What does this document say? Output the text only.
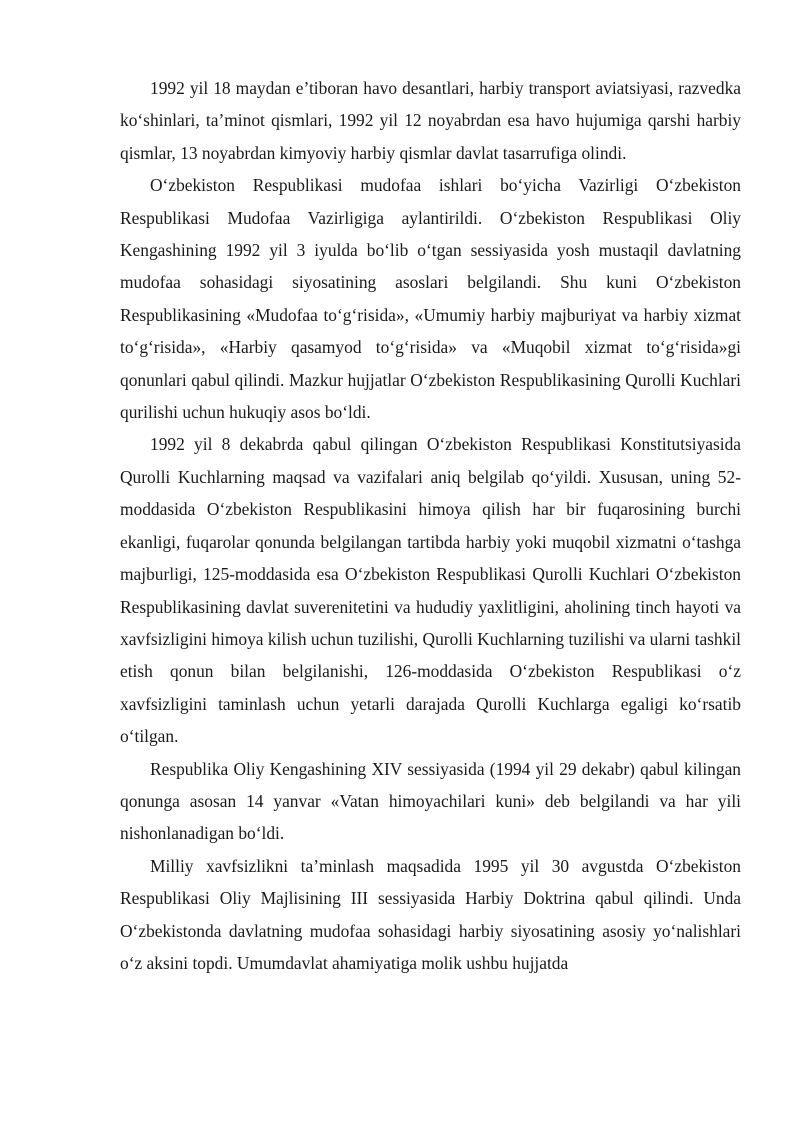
1992 yil 18 maydan e’tiboran havo desantlari, harbiy transport aviatsiyasi, razvedka ko‘shinlari, ta’minot qismlari, 1992 yil 12 noyabrdan esa havo hujumiga qarshi harbiy qismlar, 13 noyabrdan kimyoviy harbiy qismlar davlat tasarrufiga olindi.

O‘zbekiston Respublikasi mudofaa ishlari bo‘yicha Vazirligi O‘zbekiston Respublikasi Mudofaa Vazirligiga aylantirildi. O‘zbekiston Respublikasi Oliy Kengashining 1992 yil 3 iyulda bo‘lib o‘tgan sessiyasida yosh mustaqil davlatning mudofaa sohasidagi siyosatining asoslari belgilandi. Shu kuni O‘zbekiston Respublikasining «Mudofaa to‘g‘risida», «Umumiy harbiy majburiyat va harbiy xizmat to‘g‘risida», «Harbiy qasamyod to‘g‘risida» va «Muqobil xizmat to‘g‘risida»gi qonunlari qabul qilindi. Mazkur hujjatlar O‘zbekiston Respublikasining Qurolli Kuchlari qurilishi uchun hukuqiy asos bo‘ldi.

1992 yil 8 dekabrda qabul qilingan O‘zbekiston Respublikasi Konstitutsiyasida Qurolli Kuchlarning maqsad va vazifalari aniq belgilab qo‘yildi. Xususan, uning 52-moddasida O‘zbekiston Respublikasini himoya qilish har bir fuqarosining burchi ekanligi, fuqarolar qonunda belgilangan tartibda harbiy yoki muqobil xizmatni o‘tashga majburligi, 125-moddasida esa O‘zbekiston Respublikasi Qurolli Kuchlari O‘zbekiston Respublikasining davlat suverenitetini va hududiy yaxlitligini, aholining tinch hayoti va xavfsizligini himoya kilish uchun tuzilishi, Qurolli Kuchlarning tuzilishi va ularni tashkil etish qonun bilan belgilanishi, 126-moddasida O‘zbekiston Respublikasi o‘z xavfsizligini taminlash uchun yetarli darajada Qurolli Kuchlarga egaligi ko‘rsatib o‘tilgan.

Respublika Oliy Kengashining XIV sessiyasida (1994 yil 29 dekabr) qabul kilingan qonunga asosan 14 yanvar «Vatan himoyachilari kuni» deb belgilandi va har yili nishonlanadigan bo‘ldi.

Milliy xavfsizlikni ta’minlash maqsadida 1995 yil 30 avgustda O‘zbekiston Respublikasi Oliy Majlisining III sessiyasida Harbiy Doktrina qabul qilindi. Unda O‘zbekistonda davlatning mudofaa sohasidagi harbiy siyosatining asosiy yo‘nalishlari o‘z aksini topdi. Umumdavlat ahamiyatiga molik ushbu hujjatda
